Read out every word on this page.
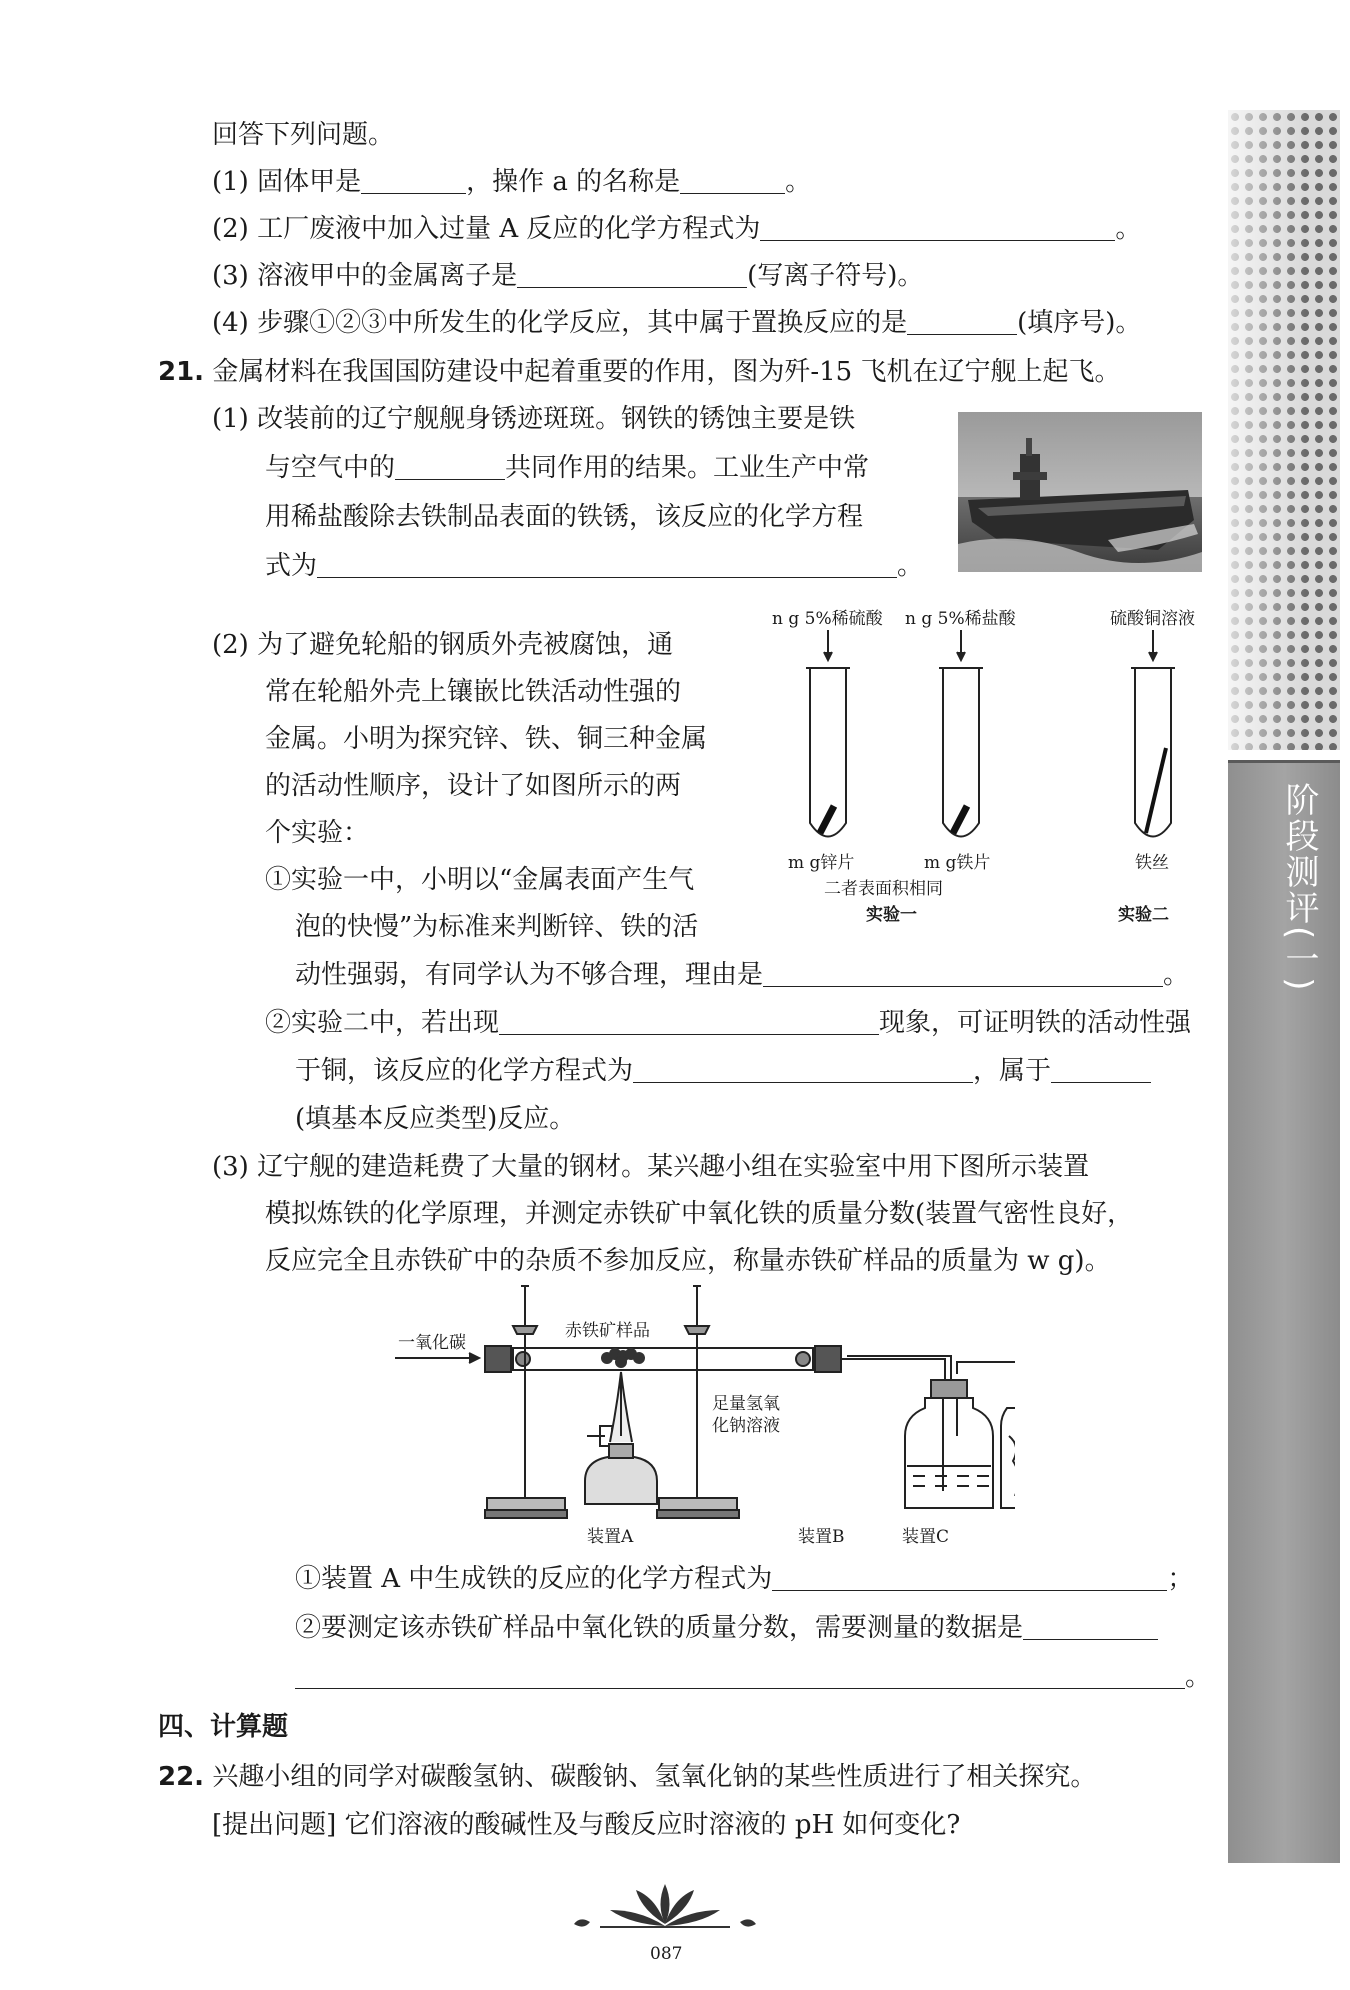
阶段测评(一)
回答下列问题。
(1) 固体甲是	，操作 a 的名称是	。
(2) 工厂废液中加入过量 A 反应的化学方程式为	。
(3) 溶液甲中的金属离子是	(写离子符号)。
(4) 步骤①②③中所发生的化学反应，其中属于置换反应的是	(填序号)。
21. 金属材料在我国国防建设中起着重要的作用，图为歼-15 飞机在辽宁舰上起飞。
(1) 改装前的辽宁舰舰身锈迹斑斑。钢铁的锈蚀主要是铁
与空气中的	共同作用的结果。工业生产中常
用稀盐酸除去铁制品表面的铁锈，该反应的化学方程
式为	。
(2) 为了避免轮船的钢质外壳被腐蚀，通
常在轮船外壳上镶嵌比铁活动性强的
金属。小明为探究锌、铁、铜三种金属
的活动性顺序，设计了如图所示的两
个实验：
①实验一中，小明以“金属表面产生气
泡的快慢”为标准来判断锌、铁的活
动性强弱，有同学认为不够合理，理由是	。
②实验二中，若出现	现象，可证明铁的活动性强
于铜，该反应的化学方程式为	，属于
(填基本反应类型)反应。
n g 5%稀硫酸 n g 5%稀盐酸	硫酸铜溶液
m g锌片	m g铁片	铁丝
二者表面积相同
实验一	实验二
(3) 辽宁舰的建造耗费了大量的钢材。某兴趣小组在实验室中用下图所示装置
模拟炼铁的化学原理，并测定赤铁矿中氧化铁的质量分数(装置气密性良好，
反应完全且赤铁矿中的杂质不参加反应，称量赤铁矿样品的质量为 w g)。
一氧化碳
赤铁矿样品
足量氢氧化钠溶液
装置A	装置B	装置C
①装置 A 中生成铁的反应的化学方程式为	；
②要测定该赤铁矿样品中氧化铁的质量分数，需要测量的数据是
。
四、计算题
22. 兴趣小组的同学对碳酸氢钠、碳酸钠、氢氧化钠的某些性质进行了相关探究。
[提出问题] 它们溶液的酸碱性及与酸反应时溶液的 pH 如何变化?
087
